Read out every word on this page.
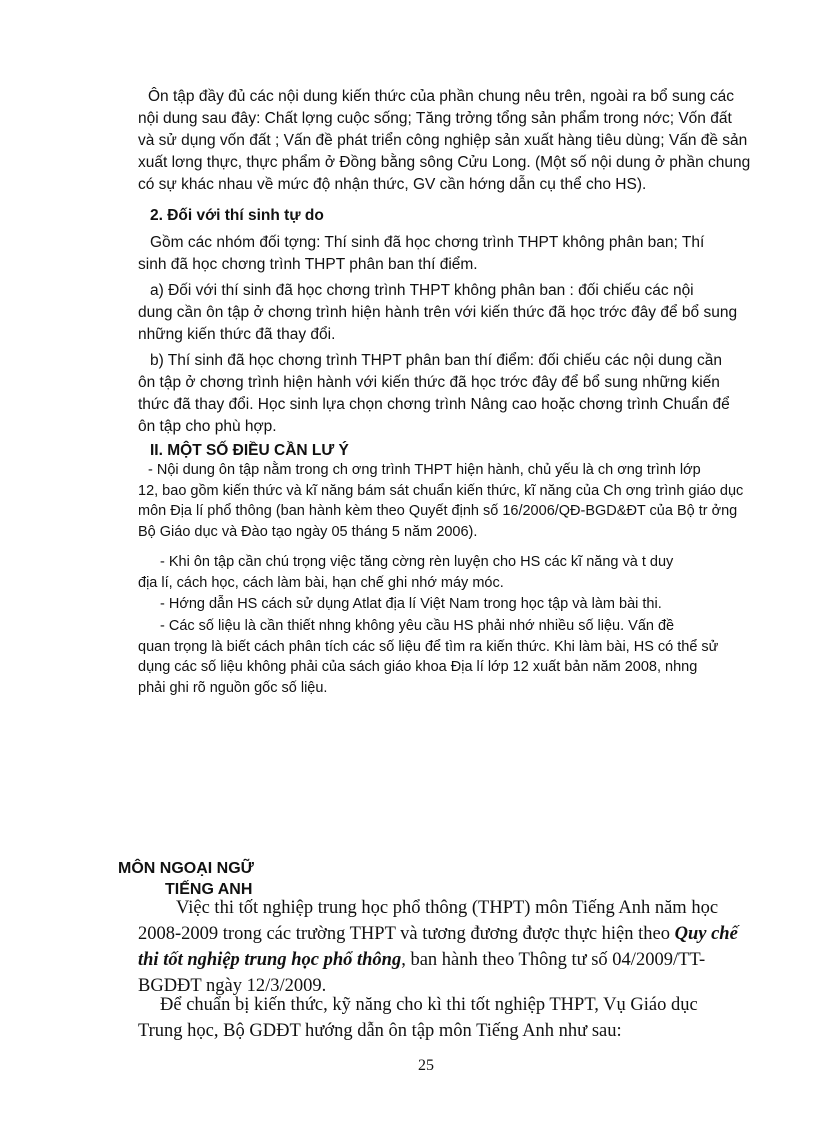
Ôn tập đầy đủ các nội dung kiến thức của phần chung nêu trên, ngoài ra bổ sung các
nội dung sau đây: Chất lợng cuộc sống; Tăng trởng tổng sản phẩm trong nớc; Vốn đất
và sử dụng vốn đất ; Vấn đề phát triển công nghiệp sản xuất hàng tiêu dùng; Vấn đề sản
xuất lơng thực, thực phẩm ở Đồng bằng sông Cửu Long. (Một số nội dung ở phần chung
có sự khác nhau về mức độ nhận thức, GV cần hớng dẫn cụ thể cho HS).
2. Đối với thí sinh tự do
Gồm các nhóm đối tợng: Thí sinh đã học chơng trình THPT không phân ban; Thí
sinh đã học chơng trình THPT phân ban thí điểm.
a) Đối với thí sinh đã học chơng trình THPT không phân ban : đối chiếu các nội
dung cần ôn tập ở chơng trình hiện hành trên với kiến thức đã học trớc đây để bổ sung
những kiến thức đã thay đổi.
b) Thí sinh đã học chơng trình THPT phân ban thí điểm: đối chiếu các nội dung cần
ôn tập ở chơng trình hiện hành với kiến thức đã học trớc đây để bổ sung những kiến
thức đã thay đổi. Học sinh lựa chọn chơng trình Nâng cao hoặc chơng trình Chuẩn để
ôn tập cho phù hợp.
II. MỘT SỐ ĐIỀU CẦN LƯ Ý
- Nội dung ôn tập nằm trong ch ơng trình THPT hiện hành, chủ yếu là ch ơng trình lớp
12, bao gồm kiến thức và kĩ năng bám sát chuẩn kiến thức, kĩ năng của Ch ơng trình giáo dục
môn Địa lí phổ thông (ban hành kèm theo Quyết định số 16/2006/QĐ-BGD&ĐT của Bộ tr ởng
Bộ Giáo dục và Đào tạo ngày 05 tháng 5 năm 2006).
- Khi ôn tập cần chú trọng việc tăng cờng rèn luyện cho HS các kĩ năng và t duy
địa lí, cách học, cách làm bài, hạn chế ghi nhớ máy móc.
- Hớng dẫn HS cách sử dụng Atlat địa lí Việt Nam trong học tập và làm bài thi.
- Các số liệu là cần thiết nhng không yêu cầu HS phải nhớ nhiều số liệu. Vấn đề
quan trọng là biết cách phân tích các số liệu để tìm ra kiến thức. Khi làm bài, HS có thể sử
dụng các số liệu không phải của sách giáo khoa Địa lí lớp 12 xuất bản năm 2008, nhng
phải ghi rõ nguồn gốc số liệu.
MÔN NGOẠI NGỮ
TIẾNG ANH
Việc thi tốt nghiệp trung học phổ thông (THPT) môn Tiếng Anh năm học
2008-2009 trong các trường THPT và tương đương được thực hiện theo Quy chế
thi tốt nghiệp trung học phổ thông, ban hành theo Thông tư số 04/2009/TT-
BGDĐT ngày 12/3/2009.
Để chuẩn bị kiến thức, kỹ năng cho kì thi tốt nghiệp THPT, Vụ Giáo dục
Trung học, Bộ GDĐT hướng dẫn ôn tập môn Tiếng Anh như sau:
25
